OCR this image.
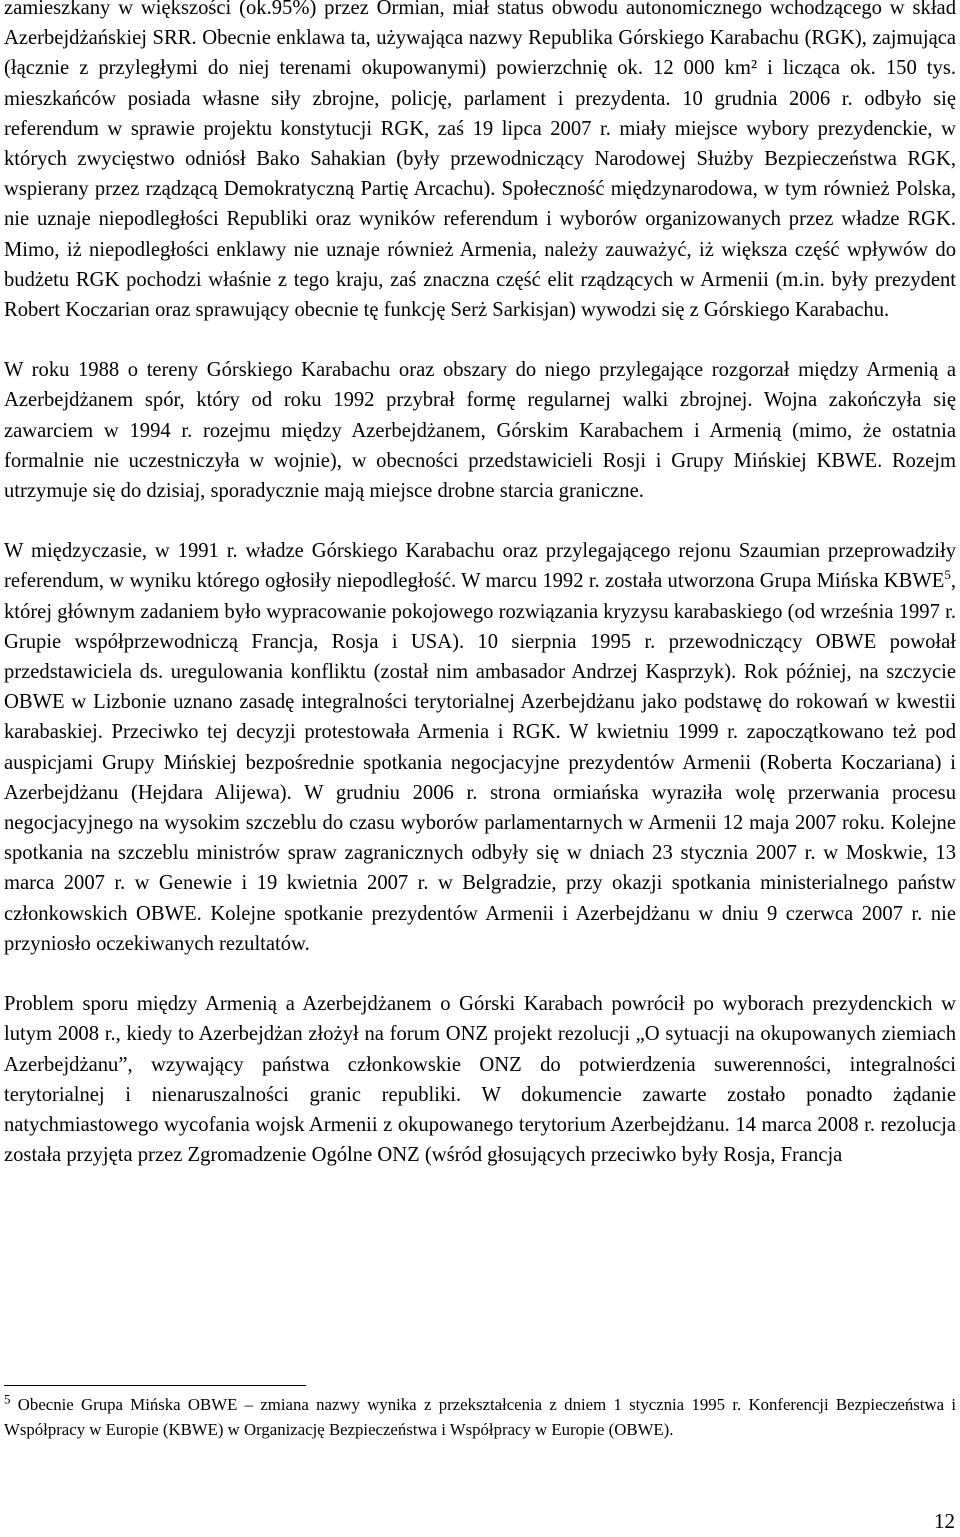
zamieszkany w większości (ok.95%) przez Ormian, miał status obwodu autonomicznego wchodzącego w skład Azerbejdżańskiej SRR. Obecnie enklawa ta, używająca nazwy Republika Górskiego Karabachu (RGK), zajmująca (łącznie z przyległymi do niej terenami okupowanymi) powierzchnię ok. 12 000 km² i licząca ok. 150 tys. mieszkańców posiada własne siły zbrojne, policję, parlament i prezydenta. 10 grudnia 2006 r. odbyło się referendum w sprawie projektu konstytucji RGK, zaś 19 lipca 2007 r. miały miejsce wybory prezydenckie, w których zwycięstwo odniósł Bako Sahakian (były przewodniczący Narodowej Służby Bezpieczeństwa RGK, wspierany przez rządzącą Demokratyczną Partię Arcachu). Społeczność międzynarodowa, w tym również Polska, nie uznaje niepodległości Republiki oraz wyników referendum i wyborów organizowanych przez władze RGK. Mimo, iż niepodległości enklawy nie uznaje również Armenia, należy zauważyć, iż większa część wpływów do budżetu RGK pochodzi właśnie z tego kraju, zaś znaczna część elit rządzących w Armenii (m.in. były prezydent Robert Koczarian oraz sprawujący obecnie tę funkcję Serż Sarkisjan) wywodzi się z Górskiego Karabachu.

W roku 1988 o tereny Górskiego Karabachu oraz obszary do niego przylegające rozgorzał między Armenią a Azerbejdżanem spór, który od roku 1992 przybrał formę regularnej walki zbrojnej. Wojna zakończyła się zawarciem w 1994 r. rozejmu między Azerbejdżanem, Górskim Karabachem i Armenią (mimo, że ostatnia formalnie nie uczestniczyła w wojnie), w obecności przedstawicieli Rosji i Grupy Mińskiej KBWE. Rozejm utrzymuje się do dzisiaj, sporadycznie mają miejsce drobne starcia graniczne.

W międzyczasie, w 1991 r. władze Górskiego Karabachu oraz przylegającego rejonu Szaumian przeprowadziły referendum, w wyniku którego ogłosiły niepodległość. W marcu 1992 r. została utworzona Grupa Mińska KBWE$^5$, której głównym zadaniem było wypracowanie pokojowego rozwiązania kryzysu karabaskiego (od września 1997 r. Grupie współprzewodniczą Francja, Rosja i USA). 10 sierpnia 1995 r. przewodniczący OBWE powołał przedstawiciela ds. uregulowania konfliktu (został nim ambasador Andrzej Kasprzyk). Rok później, na szczycie OBWE w Lizbonie uznano zasadę integralności terytorialnej Azerbejdżanu jako podstawę do rokowań w kwestii karabaskiej. Przeciwko tej decyzji protestowała Armenia i RGK. W kwietniu 1999 r. zapoczątkowano też pod auspicjami Grupy Mińskiej bezpośrednie spotkania negocjacyjne prezydentów Armenii (Roberta Koczariana) i Azerbejdżanu (Hejdara Alijewa). W grudniu 2006 r. strona ormiańska wyraziła wolę przerwania procesu negocjacyjnego na wysokim szczeblu do czasu wyborów parlamentarnych w Armenii 12 maja 2007 roku. Kolejne spotkania na szczeblu ministrów spraw zagranicznych odbyły się w dniach 23 stycznia 2007 r. w Moskwie, 13 marca 2007 r. w Genewie i 19 kwietnia 2007 r. w Belgradzie, przy okazji spotkania ministerialnego państw członkowskich OBWE. Kolejne spotkanie prezydentów Armenii i Azerbejdżanu w dniu 9 czerwca 2007 r. nie przyniosło oczekiwanych rezultatów.

Problem sporu między Armenią a Azerbejdżanem o Górski Karabach powrócił po wyborach prezydenckich w lutym 2008 r., kiedy to Azerbejdżan złożył na forum ONZ projekt rezolucji „O sytuacji na okupowanych ziemiach Azerbejdżanu”, wzywający państwa członkowskie ONZ do potwierdzenia suwerenności, integralności terytorialnej i nienaruszalności granic republiki. W dokumencie zawarte zostało ponadto żądanie natychmiastowego wycofania wojsk Armenii z okupowanego terytorium Azerbejdżanu. 14 marca 2008 r. rezolucja została przyjęta przez Zgromadzenie Ogólne ONZ (wśród głosujących przeciwko były Rosja, Francja

$^5$ Obecnie Grupa Mińska OBWE – zmiana nazwy wynika z przekształcenia z dniem 1 stycznia 1995 r. Konferencji Bezpieczeństwa i Współpracy w Europie (KBWE) w Organizację Bezpieczeństwa i Współpracy w Europie (OBWE).

12
